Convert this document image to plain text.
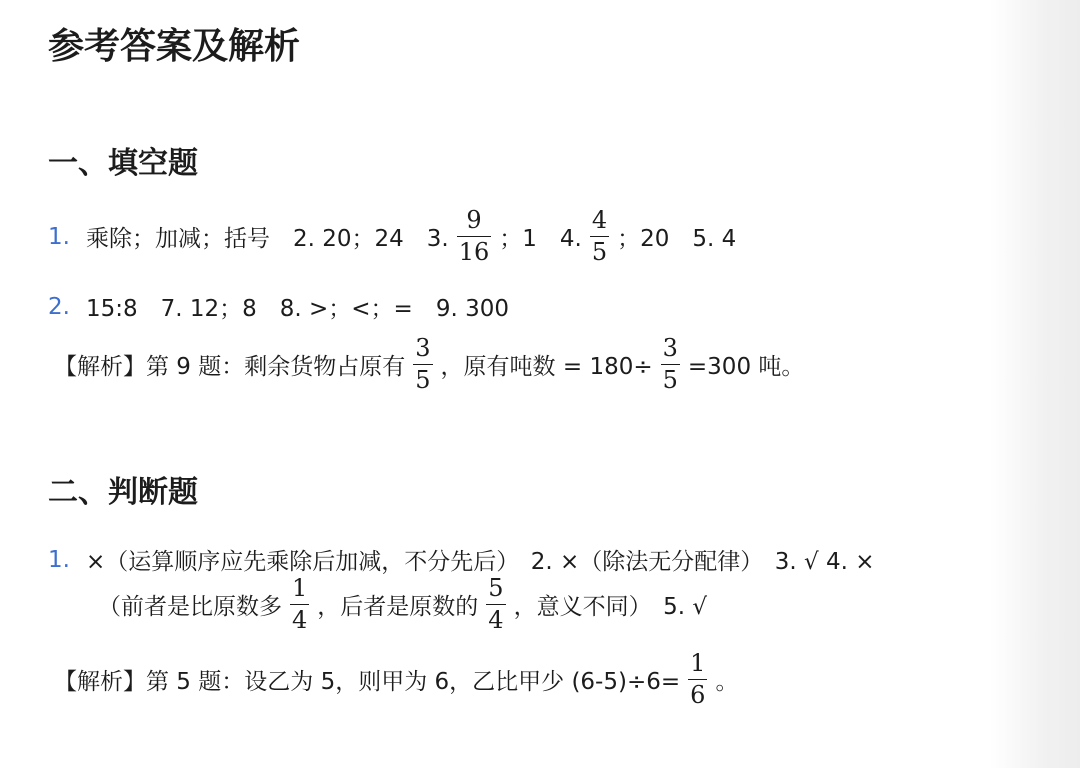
参考答案及解析
一、填空题
1. 乘除；加减；括号　2. 20；24　3. $\frac{9}{16}$ ；1　4. $\frac{4}{5}$ ；20　5. 4
2. 15:8　7. 12；8　8. >；<；=　9. 300
【解析】第 9 题：剩余货物占原有 $\frac{3}{5}$ ，原有吨数 = $180\div \frac{3}{5} =300$ 吨。
二、判断题
1. ×（运算顺序应先乘除后加减，不分先后）　2. ×（除法无分配律）　3. √ 4. ×
（前者是比原数多 $\frac{1}{4}$ ，后者是原数的 $\frac{5}{4}$ ，意义不同）　5. √
【解析】第 5 题：设乙为 5，则甲为 6，乙比甲少 $(6-5)\div 6= \frac{1}{6}$ 。
